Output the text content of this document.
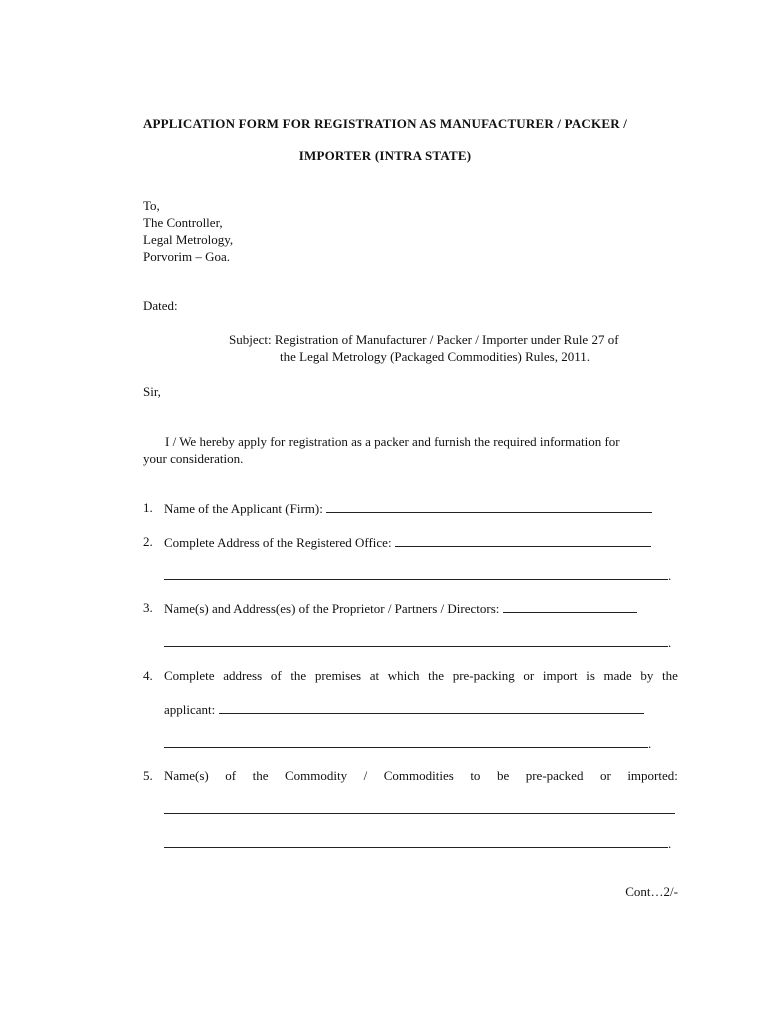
APPLICATION FORM FOR REGISTRATION AS MANUFACTURER / PACKER /
IMPORTER (INTRA STATE)
To,
The Controller,
Legal Metrology,
Porvorim – Goa.
Dated:
Subject: Registration of Manufacturer / Packer / Importer under Rule 27 of
the Legal Metrology (Packaged Commodities) Rules, 2011.
Sir,
I / We hereby apply for registration as a packer and furnish the required information for
your consideration.
1. Name of the Applicant (Firm):
2. Complete Address of the Registered Office:
.
3. Name(s) and Address(es) of the Proprietor / Partners / Directors:
.
4. Complete address of the premises at which the pre-packing or import is made by the
applicant:
.
5. Name(s) of the Commodity / Commodities to be pre-packed or imported:
.
Cont…2/-
